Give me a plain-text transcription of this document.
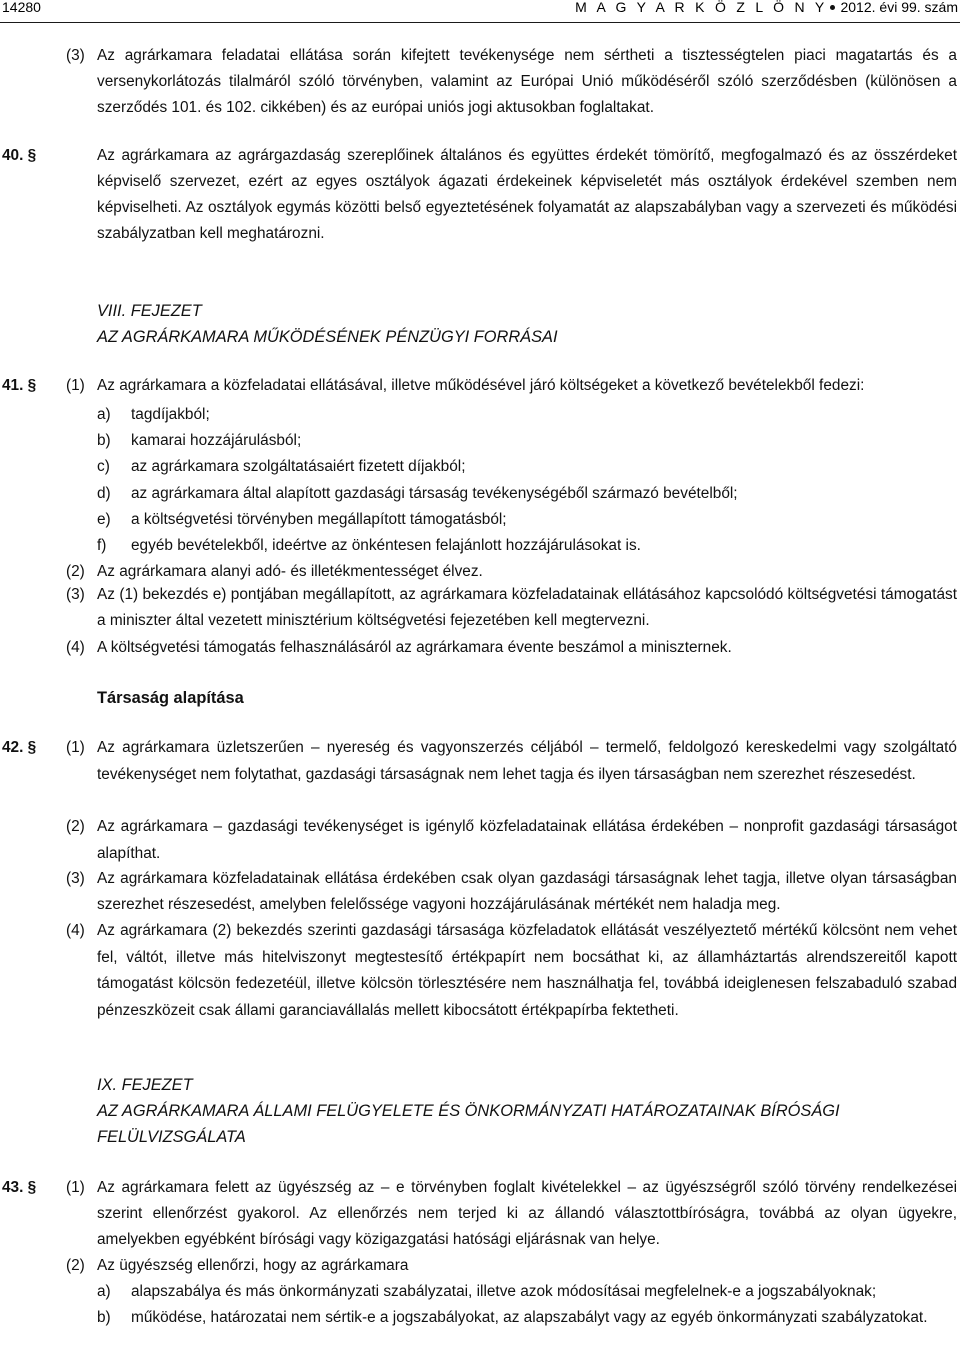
14280	M A G Y A R K Ö Z L Ö N Y 2012. évi 99. szám
(3) Az agrárkamara feladatai ellátása során kifejtett tevékenysége nem sértheti a tisztességtelen piaci magatartás és a versenykorlátozás tilalmáról szóló törvényben, valamint az Európai Unió működéséről szóló szerződésben (különösen a szerződés 101. és 102. cikkében) és az európai uniós jogi aktusokban foglaltakat.

40. §	Az agrárkamara az agrárgazdaság szereplőinek általános és együttes érdekét tömörítő, megfogalmazó és az összérdeket képviselő szervezet, ezért az egyes osztályok ágazati érdekeinek képviseletét más osztályok érdekével szemben nem képviselheti. Az osztályok egymás közötti belső egyeztetésének folyamatát az alapszabályban vagy a szervezeti és működési szabályzatban kell meghatározni.

VIII. FEJEZET
AZ AGRÁRKAMARA MŰKÖDÉSÉNEK PÉNZÜGYI FORRÁSAI
41. § (1) Az agrárkamara a közfeladatai ellátásával, illetve működésével járó költségeket a következő bevételekből fedezi:

a) tagdíjakból;

b) kamarai hozzájárulásból;

c) az agrárkamara szolgáltatásaiért fizetett díjakból;

d) az agrárkamara által alapított gazdasági társaság tevékenységéből származó bevételből;

e) a költségvetési törvényben megállapított támogatásból;

f) egyéb bevételekből, ideértve az önkéntesen felajánlott hozzájárulásokat is.

(2) Az agrárkamara alanyi adó- és illetékmentességet élvez.

(3) Az (1) bekezdés e) pontjában megállapított, az agrárkamara közfeladatainak ellátásához kapcsolódó költségvetési támogatást a miniszter által vezetett minisztérium költségvetési fejezetében kell megtervezni.

(4) A költségvetési támogatás felhasználásáról az agrárkamara évente beszámol a miniszternek.

Társaság alapítása
42. § (1) Az agrárkamara üzletszerűen – nyereség és vagyonszerzés céljából – termelő, feldolgozó kereskedelmi vagy szolgáltató tevékenységet nem folytathat, gazdasági társaságnak nem lehet tagja és ilyen társaságban nem szerezhet részesedést.

(2) Az agrárkamara – gazdasági tevékenységet is igénylő közfeladatainak ellátása érdekében – nonprofit gazdasági társaságot alapíthat.

(3) Az agrárkamara közfeladatainak ellátása érdekében csak olyan gazdasági társaságnak lehet tagja, illetve olyan társaságban szerezhet részesedést, amelyben felelőssége vagyoni hozzájárulásának mértékét nem haladja meg.

(4) Az agrárkamara (2) bekezdés szerinti gazdasági társasága közfeladatok ellátását veszélyeztető mértékű kölcsönt nem vehet fel, váltót, illetve más hitelviszonyt megtestesítő értékpapírt nem bocsáthat ki, az államháztartás alrendszereitől kapott támogatást kölcsön fedezetéül, illetve kölcsön törlesztésére nem használhatja fel, továbbá ideiglenesen felszabaduló szabad pénzeszközeit csak állami garanciavállalás mellett kibocsátott értékpapírba fektetheti.

IX. FEJEZET
AZ AGRÁRKAMARA ÁLLAMI FELÜGYELETE ÉS ÖNKORMÁNYZATI HATÁROZATAINAK BÍRÓSÁGI
FELÜLVIZSGÁLATA
43. § (1) Az agrárkamara felett az ügyészség az – e törvényben foglalt kivételekkel – az ügyészségről szóló törvény rendelkezései szerint ellenőrzést gyakorol. Az ellenőrzés nem terjed ki az állandó választottbíróságra, továbbá az olyan ügyekre, amelyekben egyébként bírósági vagy közigazgatási hatósági eljárásnak van helye.

(2) Az ügyészség ellenőrzi, hogy az agrárkamara

a) alapszabálya és más önkormányzati szabályzatai, illetve azok módosításai megfelelnek-e a jogszabályoknak;

b) működése, határozatai nem sértik-e a jogszabályokat, az alapszabályt vagy az egyéb önkormányzati szabályzatokat.
